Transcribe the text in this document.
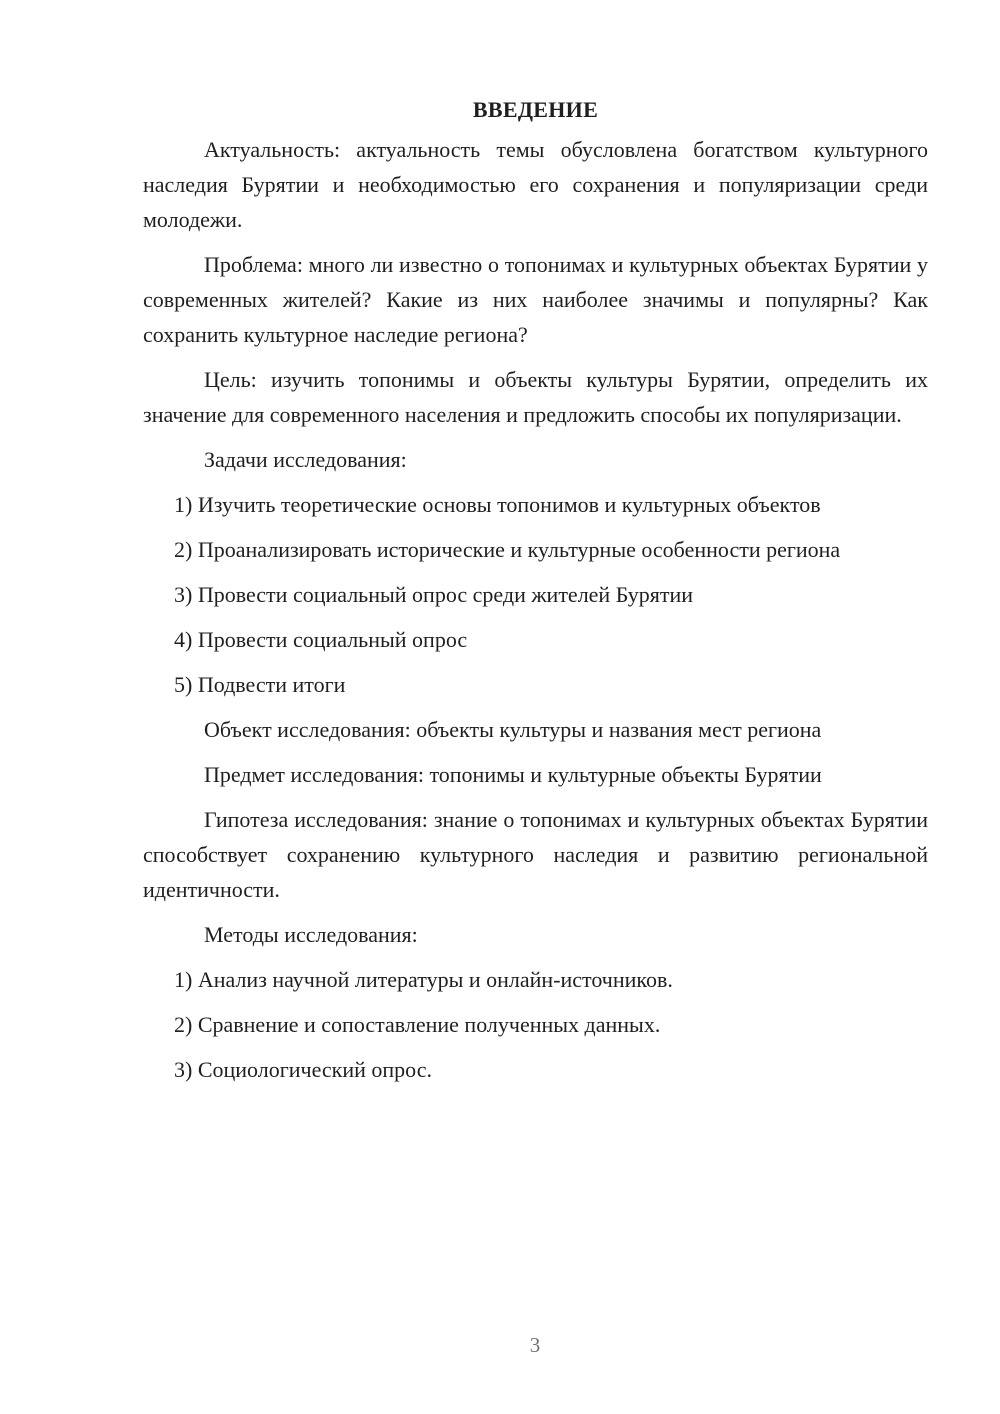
ВВЕДЕНИЕ

Актуальность: актуальность темы обусловлена богатством культурного наследия Бурятии и необходимостью его сохранения и популяризации среди молодежи.

Проблема: много ли известно о топонимах и культурных объектах Бурятии у современных жителей? Какие из них наиболее значимы и популярны? Как сохранить культурное наследие региона?

Цель: изучить топонимы и объекты культуры Бурятии, определить их значение для современного населения и предложить способы их популяризации.

Задачи исследования:

1) Изучить теоретические основы топонимов и культурных объектов

2) Проанализировать исторические и культурные особенности региона

3) Провести социальный опрос среди жителей Бурятии

4) Провести социальный опрос

5) Подвести итоги

Объект исследования: объекты культуры и названия мест региона

Предмет исследования: топонимы и культурные объекты Бурятии

Гипотеза исследования: знание о топонимах и культурных объектах Бурятии способствует сохранению культурного наследия и развитию региональной идентичности.

Методы исследования:

1) Анализ научной литературы и онлайн-источников.

2) Сравнение и сопоставление полученных данных.

3) Социологический опрос.

3
